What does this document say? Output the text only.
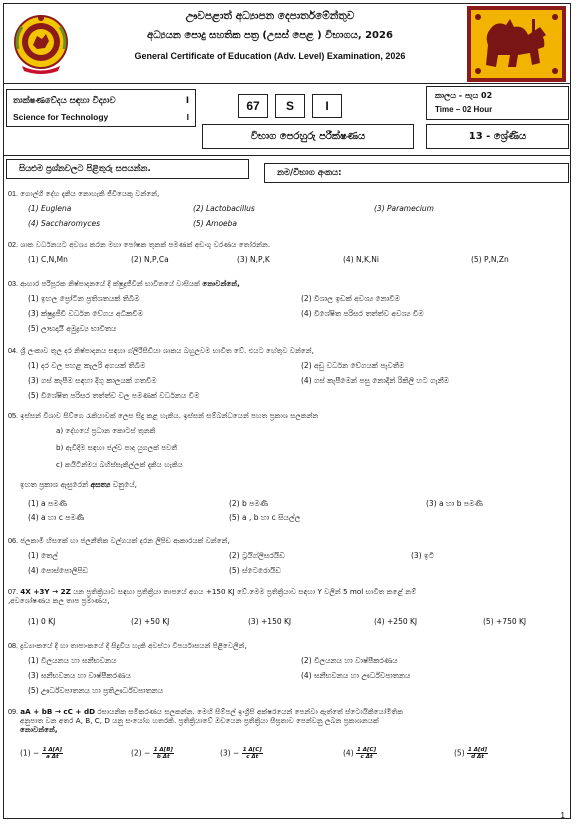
ඌවපළාත් අධ්‍යාපන දෙපාර්තමේන්තුව
අධ්‍යයන පොදු සහතික පත්‍ර (උසස් පෙළ ) විභාගය, 2026
General Certificate of Education (Adv. Level) Examination, 2026
තාක්ෂණවේදය සඳහා විද්‍යාව	I
Science for Technology	I
67	S	I
කාලය - පැය 02
Time – 02 Hour
විභාග පෙරහුරු පරීක්ෂණය	13 - ශ්‍රේණිය
සියළුම ප්‍රශ්නවලට පිළිතුරු සපයන්න.	නම/විභාග අංකය:
01. ගොල්ගී දේහ දැකිය නොහැකි ජීවියෙකු වන්නේ,
(1) Euglena	(2) Lactobacillus	(3) Paramecium
(4) Saccharomyces	(5) Amoeba
02. ශාක වර්ධනයට අවශ්‍ය කරන මහා පෝෂක තුනක් පමණක් අඩංගු වරණය තෝරන්න.
(1) C,N,Mn	(2) N,P,Ca	(3) N,P,K	(4) N,K,Ni	(5) P,N,Zn
03. ආහාර පරිපූරක නිෂ්පාදනයේ දී ක්ෂුද්‍රජීවීන් භාවිතයේ වාසියක් නොවන්නේ,
(1) ඉහල ප්‍රෝටීන ප්‍රතිශතයක් තිබීම	(2) විශාල ඉඩක් අවශ්‍ය නොවීම
(3) ක්ෂුද්‍රජීවී වර්ධන වේගය අධිකවීම	(4) විශේෂිත පරිසර තත්ත්ව අවශ්‍ය වීම
(5) ලාභදායී අමුද්‍රව්‍ය භාවිතය
04. ශ්‍රී ලංකාව තුල දර නිෂ්පාදනය සඳහා ග්ලිරිසීඩියා ශාකය බහුලවම භාවිත වේ. එයට හේතුව වන්නේ,
(1) දර වල පහළ කැලරි අගයක් තිබීම	(2) අඩු වර්ධන වේගයක් පැවතීම
(3) ගස් කැපීම සඳහා දිගු කාලයක් ගතවීම	(4) ගස් කැපීමෙන් පසු නොදින් රිකිලි හට ගැනීම
(5) විශේෂිත පරිසර තත්ත්ව වල පමණක් වර්ධනය වීම
05. ඉස්සන් විශාව සිව්ගෙ රැකියාවක් ලෙස සිදු කළ හැකිය. ඉස්සන් සම්බන්ධයෙන් පහත ප්‍රකාශ සලකන්න
a) දේහයේ ප්‍රධාන කොටස් තුනකි
b) ඇවිදීම සඳහා ජල්‍ව පාද යුගලක් පවතී
c) කයිටින්මය බහිස්සැකිල්ලක් දැකිය හැකිය
ඉහත ප්‍රකාශ ඇසුරෙන් අසත්‍ය වනුයේ,
(1) a පමණි	(2) b පමණි	(3) a හා b පමණි
(4) a හා c පමණි	(5) a , b හා c සියල්ල
06. ජලකාමී හිසකේ හා ජලනීතික වල්ගයක් දරන ලිපිඩ ආකාරයක් වන්නේ,
(1) තෙල්	(2) ට්‍රයිග්ලිසරයිඩ	(3) ඉටි
(4) පොස්පොලිපිඩ	(5) ස්ටෙරොයිඩ
07. 4X +3Y → 2Z යන ප්‍රතික්‍රියාව සඳහා ප්‍රතික්‍රියා තාපයේ අගය +150 KJ වේ.මෙම ප්‍රතික්‍රියාව සඳහා Y වලින් 5 mol භාවිත කළේ නම්
,අවශෝෂණය කල තාප ප්‍රමාණය,
(1) 0 KJ	(2) +50 KJ	(3) +150 KJ	(4) +250 KJ	(5) +750 KJ
08. ද්‍රව්‍යාංකයේ දී හා තාපාංකයේ දී සිදුවිය හැකි අවස්ථා විපර්යාසයන් පිළිවෙලින්,
(1) විලයනය හා ඝනීභවනය	(2) විලයනය හා වාෂ්පීකරණය
(3) ඝනීභවනය හා වාෂ්පීකරණය	(4) ඝනීභවනය හා ඌර්ධ්වපාතනය
(5) ඌර්ධ්වපාතනය හා ප්‍රතිඌර්ධ්වපාතනය
09. aA + bB → cC + dD රසායනික සමීකරණය සලකන්න. මෙහි සිම්පල් ඉංග්‍රීසි අක්ෂරයෙන් පෙන්වා ඇත්තේ ස්ටොයිකියෝමිතික
අනුපාත වන අතර A, B, C, D යනු සංයෝග හතරකි. ප්‍රතික්‍රියාවේ ඔඩයෙන ප්‍රතික්‍රියා සීඝ්‍රතාව පෙන්වනු ලබන ප්‍රකාශනයක්
නොවන්නේ,
$(1) - \frac{1 \Delta[A]}{\text{a Δt}}$	$(2) - \frac{1 \Delta[B]}{\text{b Δt}}$	$(3) - \frac{1 \Delta[C]}{\text{c Δt}}$	$(4) \frac{1 \Delta[C]}{\text{c Δt}}$	$(5) \frac{1 \Delta[d]}{\text{d Δt}}$
1
